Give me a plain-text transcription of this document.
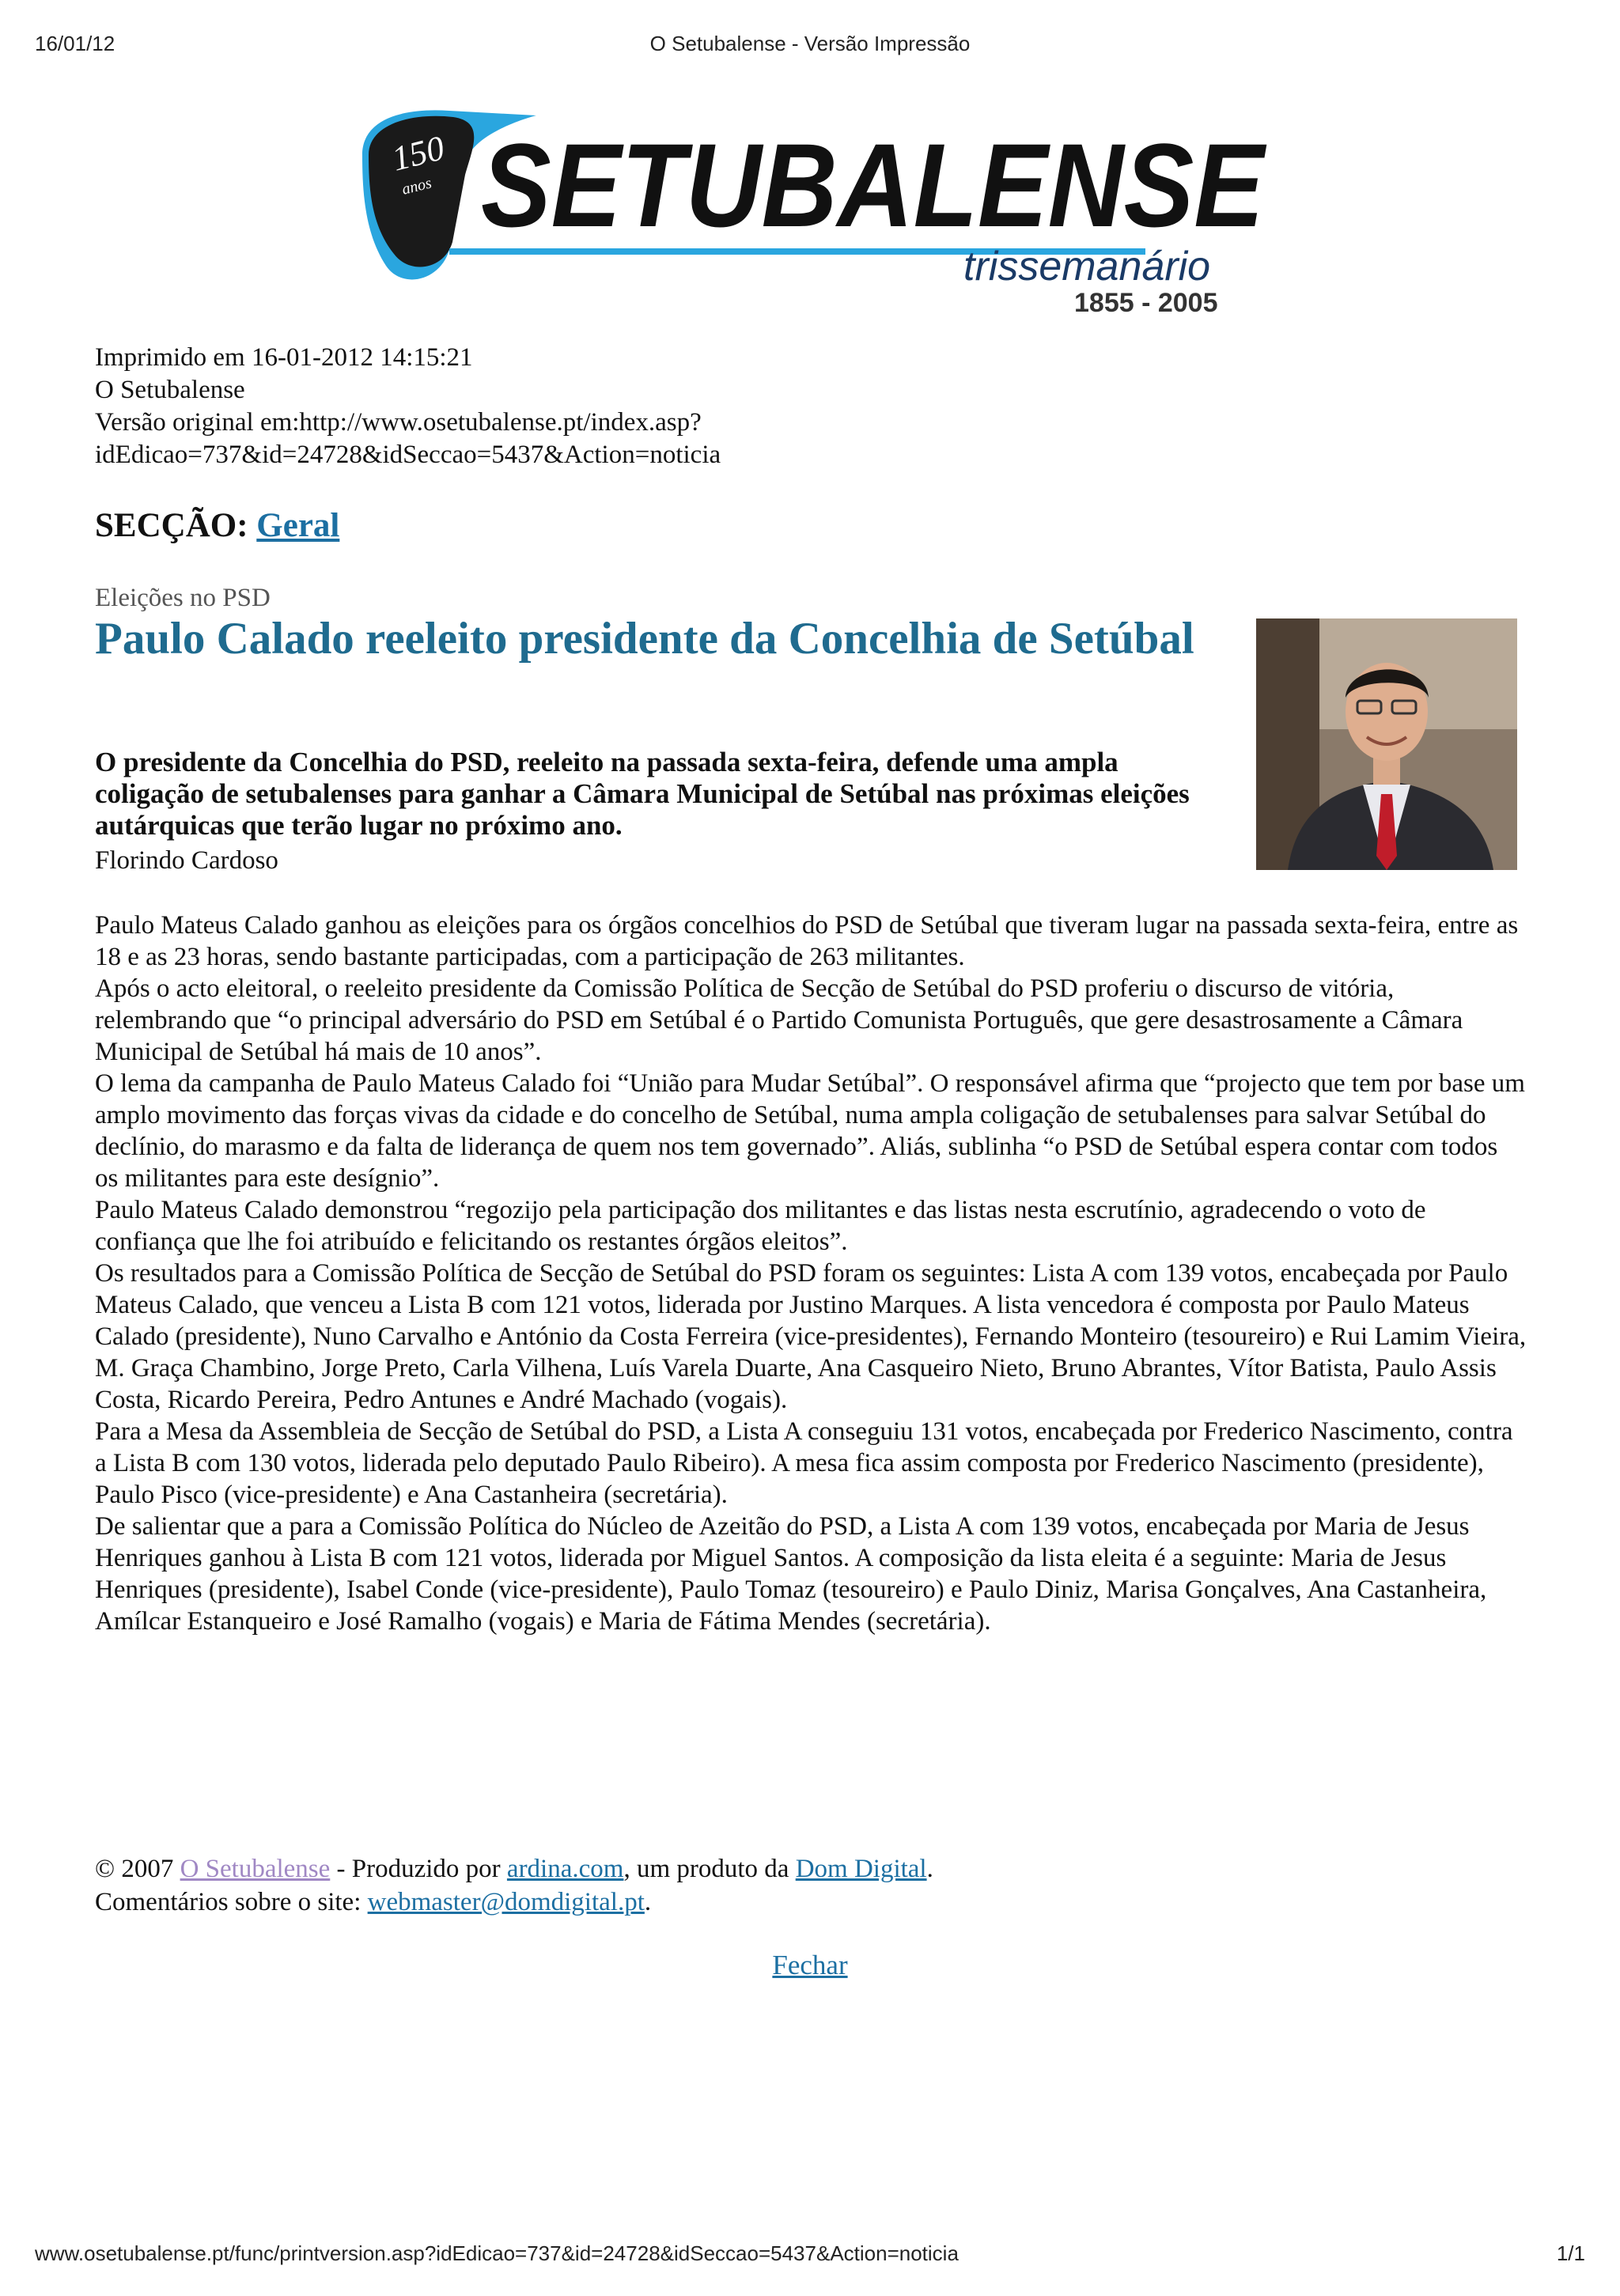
16/01/12	O Setubalense - Versão Impressão
150
anos SETUBALENSE
trissemanário
1855 - 2005
Imprimido em 16-01-2012 14:15:21
O Setubalense
Versão original em:http://www.osetubalense.pt/index.asp?
idEdicao=737&id=24728&idSeccao=5437&Action=noticia
SECÇÃO: Geral
Eleições no PSD
Paulo Calado reeleito presidente da Concelhia de Setúbal

O presidente da Concelhia do PSD, reeleito na passada sexta-feira, defende uma ampla coligação de setubalenses para ganhar a Câmara Municipal de Setúbal nas próximas eleições autárquicas que terão lugar no próximo ano.

Florindo Cardoso

Paulo Mateus Calado ganhou as eleições para os órgãos concelhios do PSD de Setúbal que tiveram lugar na passada sexta-feira, entre as 18 e as 23 horas, sendo bastante participadas, com a participação de 263 militantes.

Após o acto eleitoral, o reeleito presidente da Comissão Política de Secção de Setúbal do PSD proferiu o discurso de vitória, relembrando que “o principal adversário do PSD em Setúbal é o Partido Comunista Português, que gere desastrosamente a Câmara Municipal de Setúbal há mais de 10 anos”.

O lema da campanha de Paulo Mateus Calado foi “União para Mudar Setúbal”. O responsável afirma que “projecto que tem por base um amplo movimento das forças vivas da cidade e do concelho de Setúbal, numa ampla coligação de setubalenses para salvar Setúbal do declínio, do marasmo e da falta de liderança de quem nos tem governado”. Aliás, sublinha “o PSD de Setúbal espera contar com todos os militantes para este desígnio”.

Paulo Mateus Calado demonstrou “regozijo pela participação dos militantes e das listas nesta escrutínio, agradecendo o voto de confiança que lhe foi atribuído e felicitando os restantes órgãos eleitos”.

Os resultados para a Comissão Política de Secção de Setúbal do PSD foram os seguintes: Lista A com 139 votos, encabeçada por Paulo Mateus Calado, que venceu a Lista B com 121 votos, liderada por Justino Marques. A lista vencedora é composta por Paulo Mateus Calado (presidente), Nuno Carvalho e António da Costa Ferreira (vice-presidentes), Fernando Monteiro (tesoureiro) e Rui Lamim Vieira, M. Graça Chambino, Jorge Preto, Carla Vilhena, Luís Varela Duarte, Ana Casqueiro Nieto, Bruno Abrantes, Vítor Batista, Paulo Assis Costa, Ricardo Pereira, Pedro Antunes e André Machado (vogais).

Para a Mesa da Assembleia de Secção de Setúbal do PSD, a Lista A conseguiu 131 votos, encabeçada por Frederico Nascimento, contra a Lista B com 130 votos, liderada pelo deputado Paulo Ribeiro). A mesa fica assim composta por Frederico Nascimento (presidente), Paulo Pisco (vice-presidente) e Ana Castanheira (secretária).

De salientar que a para a Comissão Política do Núcleo de Azeitão do PSD, a Lista A com 139 votos, encabeçada por Maria de Jesus Henriques ganhou à Lista B com 121 votos, liderada por Miguel Santos. A composição da lista eleita é a seguinte: Maria de Jesus Henriques (presidente), Isabel Conde (vice-presidente), Paulo Tomaz (tesoureiro) e Paulo Diniz, Marisa Gonçalves, Ana Castanheira, Amílcar Estanqueiro e José Ramalho (vogais) e Maria de Fátima Mendes (secretária).

© 2007 O Setubalense - Produzido por ardina.com, um produto da Dom Digital.
Comentários sobre o site: webmaster@domdigital.pt.
Fechar
www.osetubalense.pt/func/printversion.asp?idEdicao=737&id=24728&idSeccao=5437&Action=noticia	1/1
